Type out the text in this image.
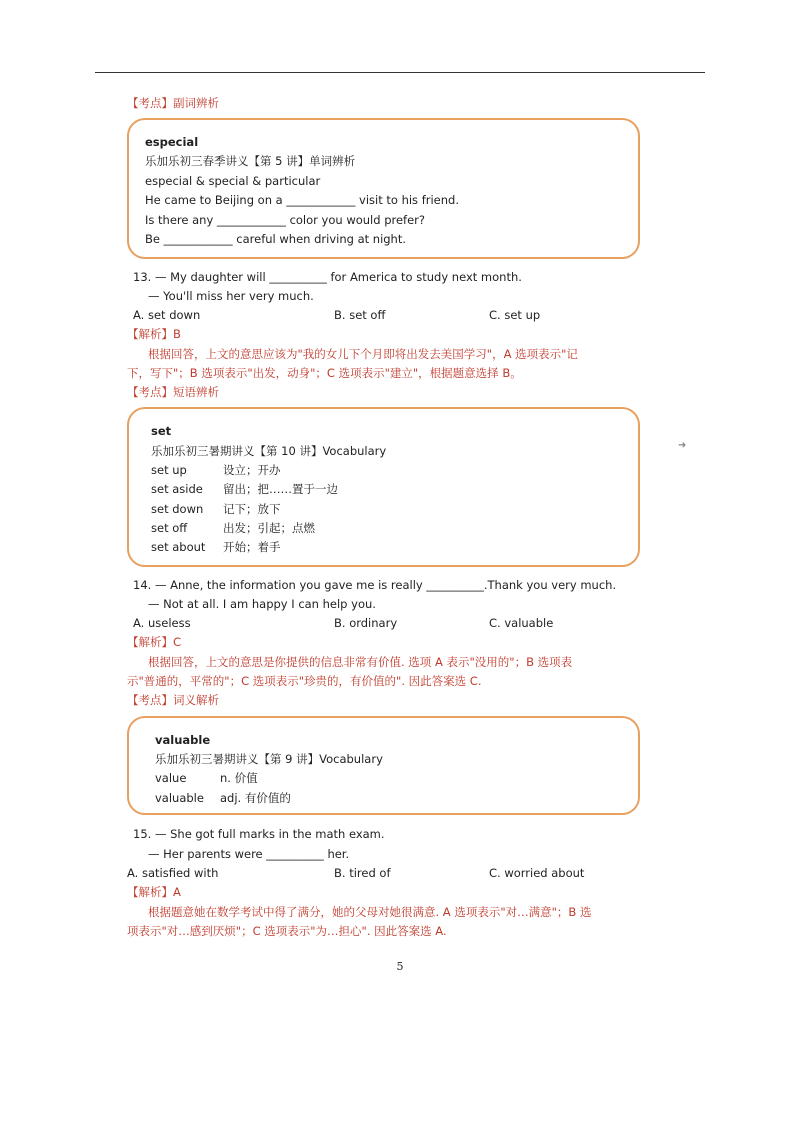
【考点】副词辨析
especial
乐加乐初三春季讲义【第 5 讲】单词辨析
especial & special & particular
He came to Beijing on a ____________ visit to his friend.
Is there any ____________ color you would prefer?
Be ____________ careful when driving at night.
13. — My daughter will __________ for America to study next month.
— You'll miss her very much.
A. set down	B. set off	C. set up
【解析】B
根据回答，上文的意思应该为"我的女儿下个月即将出发去美国学习"，A 选项表示"记
下，写下"；B 选项表示"出发，动身"；C 选项表示"建立"，根据题意选择 B。
【考点】短语辨析
set
乐加乐初三暑期讲义【第 10 讲】Vocabulary
set up	设立；开办
set aside 留出；把……置于一边
set down 记下；放下
set off	出发；引起；点燃
set about 开始；着手
➜
14. — Anne, the information you gave me is really __________.Thank you very much.
— Not at all. I am happy I can help you.
A. useless	B. ordinary	C. valuable
【解析】C
根据回答，上文的意思是你提供的信息非常有价值. 选项 A 表示"没用的"；B 选项表
示"普通的，平常的"；C 选项表示"珍贵的，有价值的". 因此答案选 C.
【考点】词义解析
valuable
乐加乐初三暑期讲义【第 9 讲】Vocabulary
value	n. 价值
valuable adj. 有价值的
15. — She got full marks in the math exam.
— Her parents were __________ her.
A. satisfied with	B. tired of	C. worried about
【解析】A
根据题意她在数学考试中得了满分，她的父母对她很满意. A 选项表示"对…满意"；B 选
项表示"对…感到厌烦"；C 选项表示"为…担心". 因此答案选 A.
5
